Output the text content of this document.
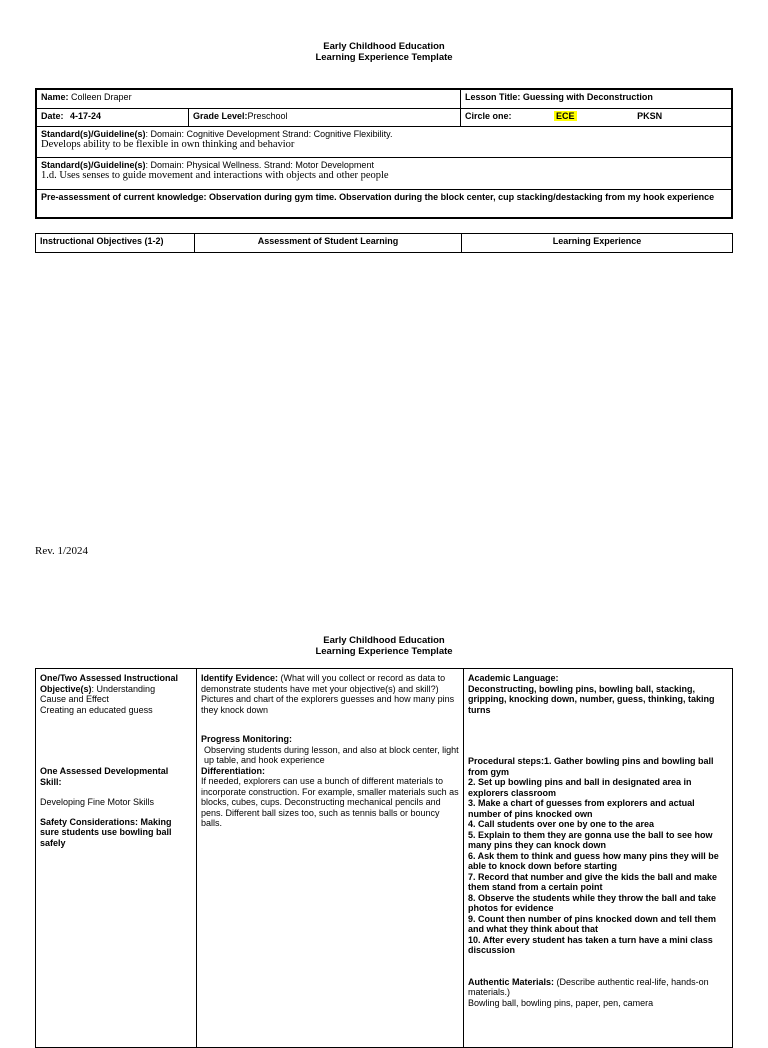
Early Childhood Education
Learning Experience Template
Name: Colleen Draper		Lesson Title: Guessing with Deconstruction
Date: 4-17-24	Grade Level:Preschool	Circle one: ECE PKSN
Standard(s)/Guideline(s): Domain: Cognitive Development Strand: Cognitive Flexibility.
Develops ability to be flexible in own thinking and behavior		
Standard(s)/Guideline(s): Domain: Physical Wellness. Strand: Motor Development
1.d. Uses senses to guide movement and interactions with objects and other people		
Pre-assessment of current knowledge: Observation during gym time. Observation during the block center, cup stacking/destacking from my hook experience		
Instructional Objectives (1-2)	Assessment of Student Learning	Learning Experience
Rev. 1/2024
Early Childhood Education
Learning Experience Template
One/Two Assessed Instructional Objective(s): Understanding
Cause and Effect
Creating an educated guess
One Assessed Developmental Skill:
Developing Fine Motor Skills
Safety Considerations: Making sure students use bowling ball safely

Identify Evidence: (What will you collect or record as data to demonstrate students have met your objective(s) and skill?)
Pictures and chart of the explorers guesses and how many pins they knock down
Progress Monitoring:
Observing students during lesson, and also at block center, light up table, and hook experience
Differentiation:
If needed, explorers can use a bunch of different materials to incorporate construction. For example, smaller materials such as blocks, cubes, cups. Deconstructing mechanical pencils and pens. Different ball sizes too, such as tennis balls or bouncy balls.

Academic Language:
Deconstructing, bowling pins, bowling ball, stacking, gripping, knocking down, number, guess, thinking, taking turns
Procedural steps:1. Gather bowling pins and bowling ball from gym
2. Set up bowling pins and ball in designated area in explorers classroom
3. Make a chart of guesses from explorers and actual number of pins knocked own
4. Call students over one by one to the area
5. Explain to them they are gonna use the ball to see how many pins they can knock down
6. Ask them to think and guess how many pins they will be able to knock down before starting
7. Record that number and give the kids the ball and make them stand from a certain point
8. Observe the students while they throw the ball and take photos for evidence
9. Count then number of pins knocked down and tell them and what they think about that
10. After every student has taken a turn have a mini class discussion
Authentic Materials: (Describe authentic real-life, hands-on materials.)
Bowling ball, bowling pins, paper, pen, camera
